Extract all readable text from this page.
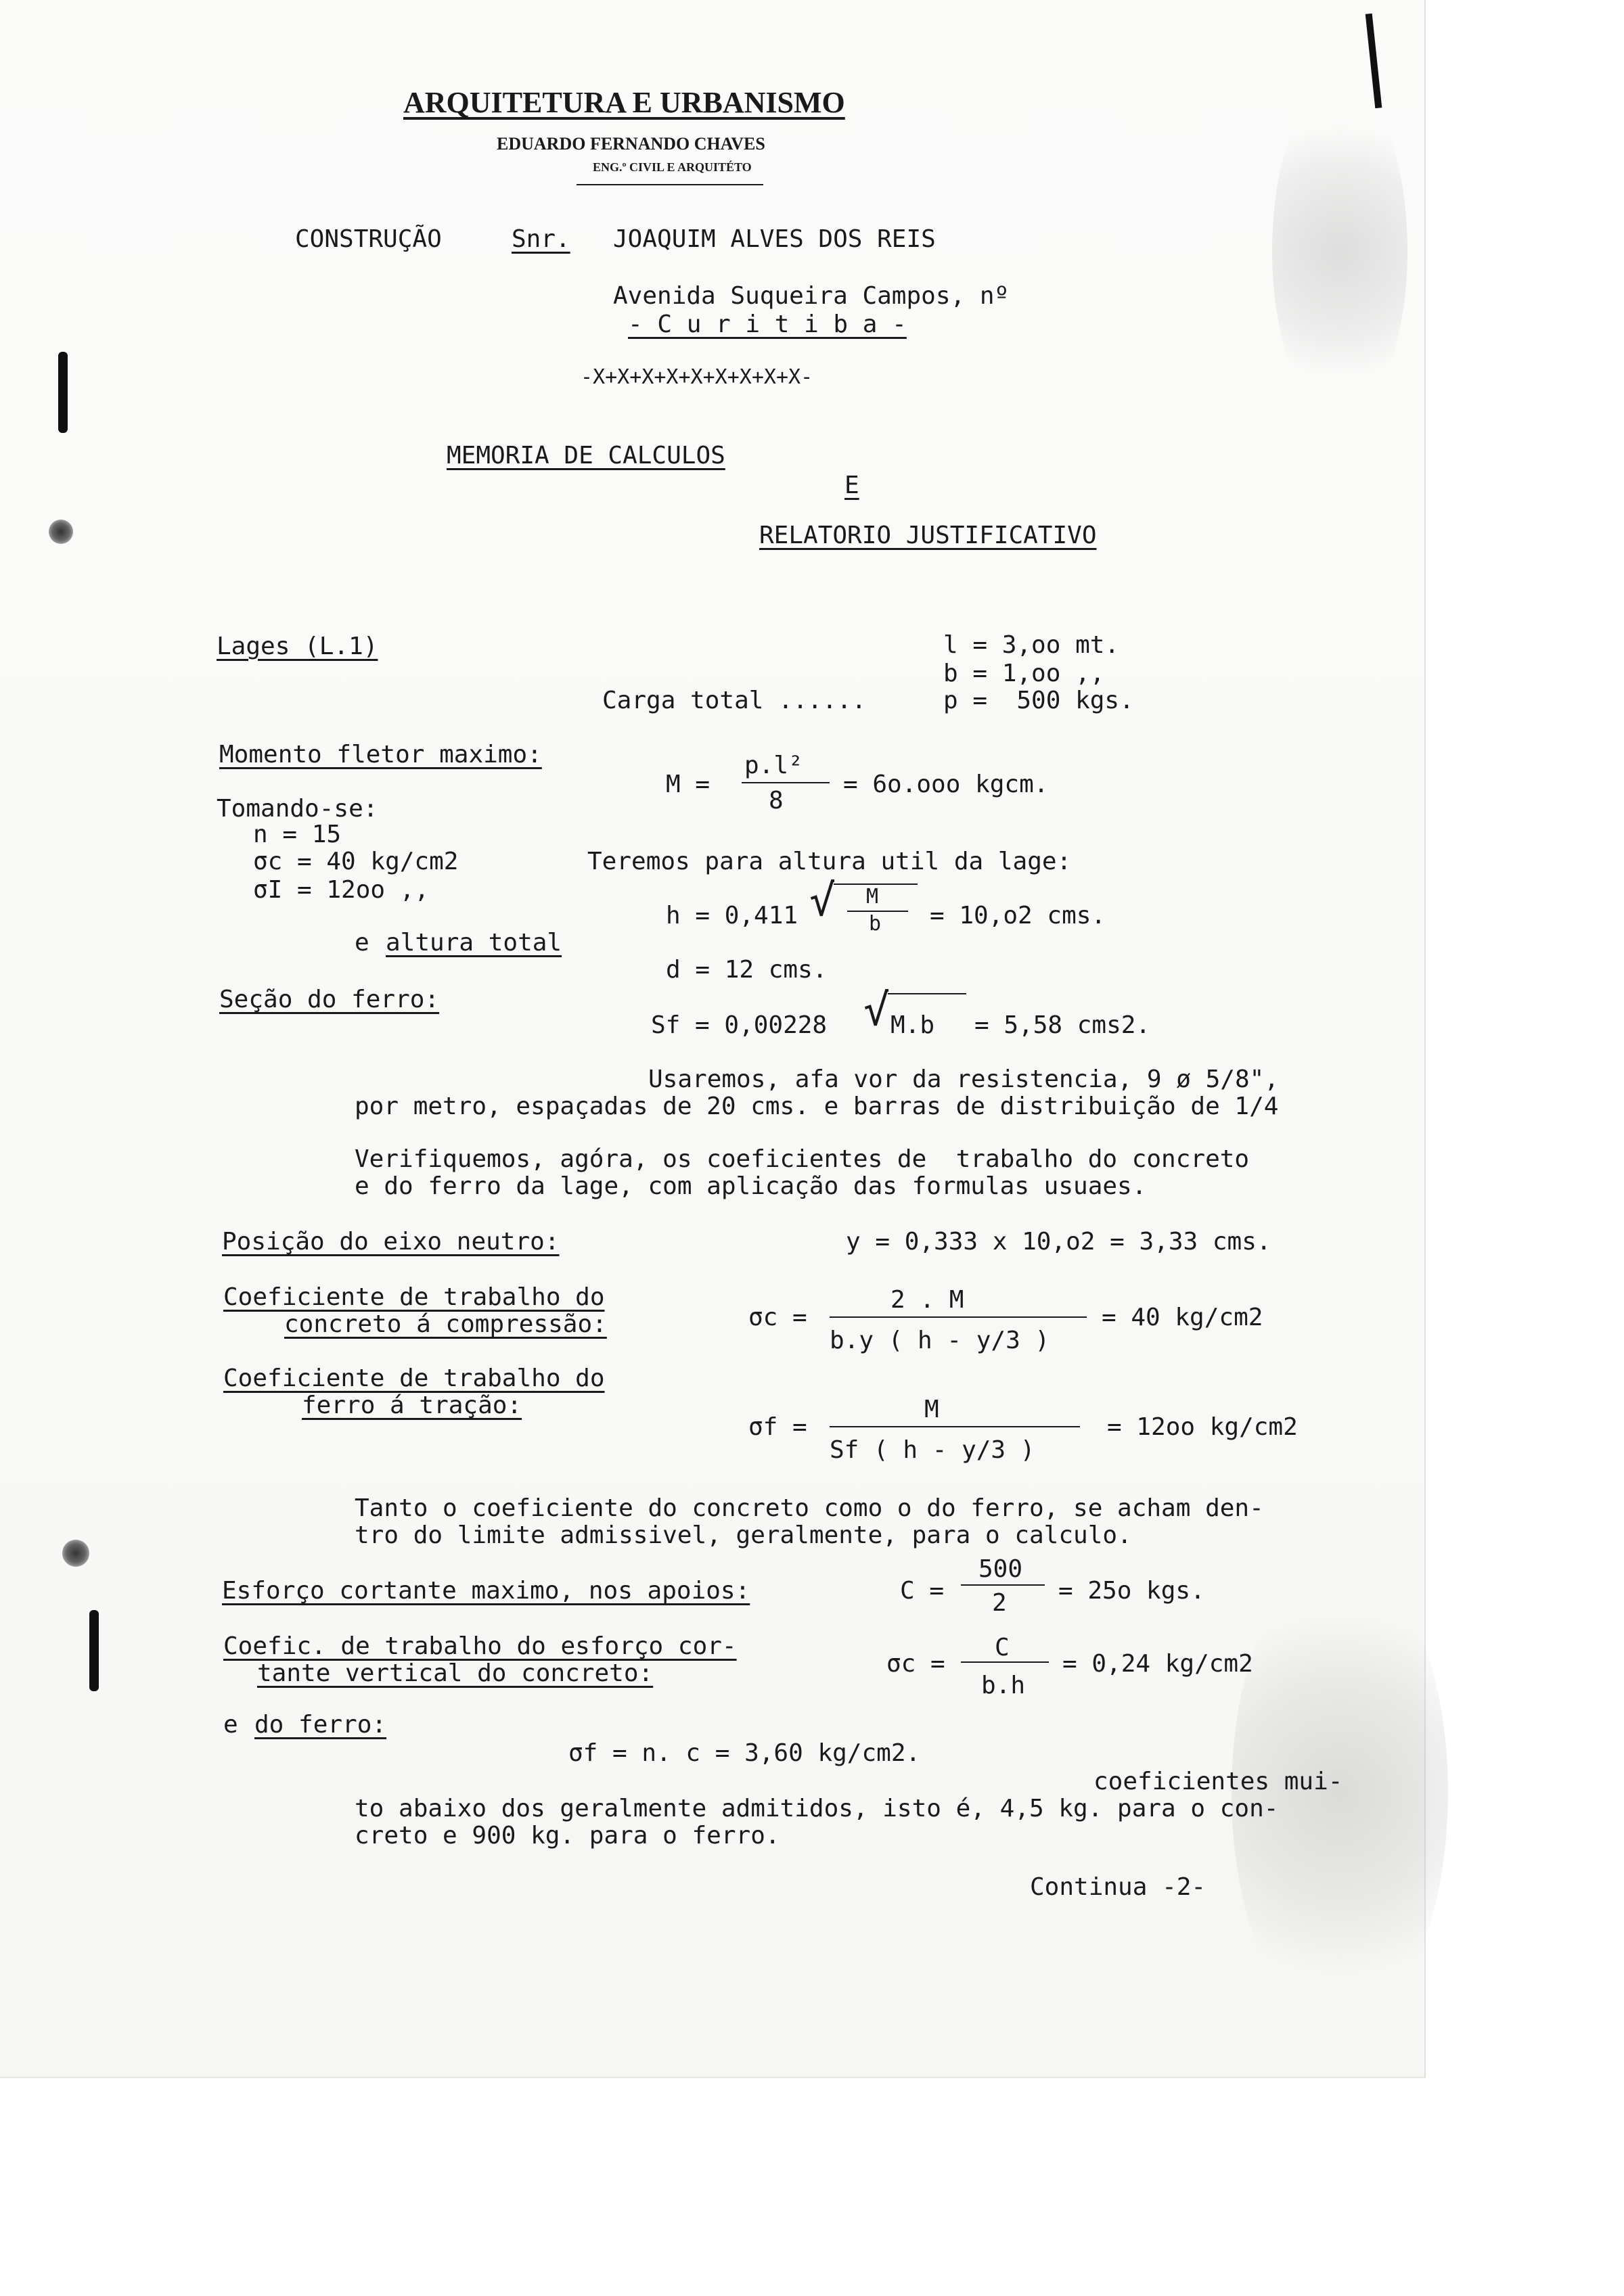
ARQUITETURA E URBANISMO
EDUARDO FERNANDO CHAVES
ENG.º CIVIL E ARQUITÉTO
CONSTRUÇÃO	Snr. JOAQUIM ALVES DOS REIS
Avenida Suqueira Campos, nº
- C u r i t i b a -
-X+X+X+X+X+X+X+X+X-
MEMORIA DE CALCULOS
E
RELATORIO JUSTIFICATIVO
Lages (L.1)	l = 3,oo mt.
b = 1,oo ,,
Carga total ......	p =  500 kgs.
Momento fletor maximo:
M =
p.l²
8
= 6o.ooo kgcm.
Tomando-se:
n = 15
σc = 40 kg/cm2
σI = 12oo ,,
Teremos para altura util da lage:
h = 0,411 √ M
b = 10,o2 cms.
e altura total
d = 12 cms.
Seção do ferro:
Sf = 0,00228 √ M.b = 5,58 cms2.
Usaremos, afa vor da resistencia, 9 ø 5/8",
por metro, espaçadas de 20 cms. e barras de distribuição de 1/4
Verifiquemos, agóra, os coeficientes de  trabalho do concreto
e do ferro da lage, com aplicação das formulas usuaes.
Posição do eixo neutro:	y = 0,333 x 10,o2 = 3,33 cms.
Coeficiente de trabalho do
concreto á compressão:	σc =
2 . M
b.y ( h - y/3 )
= 40 kg/cm2
Coeficiente de trabalho do
ferro á tração:
σf =
M
Sf ( h - y/3 )
= 12oo kg/cm2
Tanto o coeficiente do concreto como o do ferro, se acham den-
tro do limite admissivel, geralmente, para o calculo.
Esforço cortante maximo, nos apoios:	C =
500
2 = 25o kgs.
Coefic. de trabalho do esforço cor-
tante vertical do concreto:	σc =
C
b.h
= 0,24 kg/cm2
e do ferro:
σf = n. c = 3,60 kg/cm2.
coeficientes mui-
to abaixo dos geralmente admitidos, isto é, 4,5 kg. para o con-
creto e 900 kg. para o ferro.
Continua -2-
